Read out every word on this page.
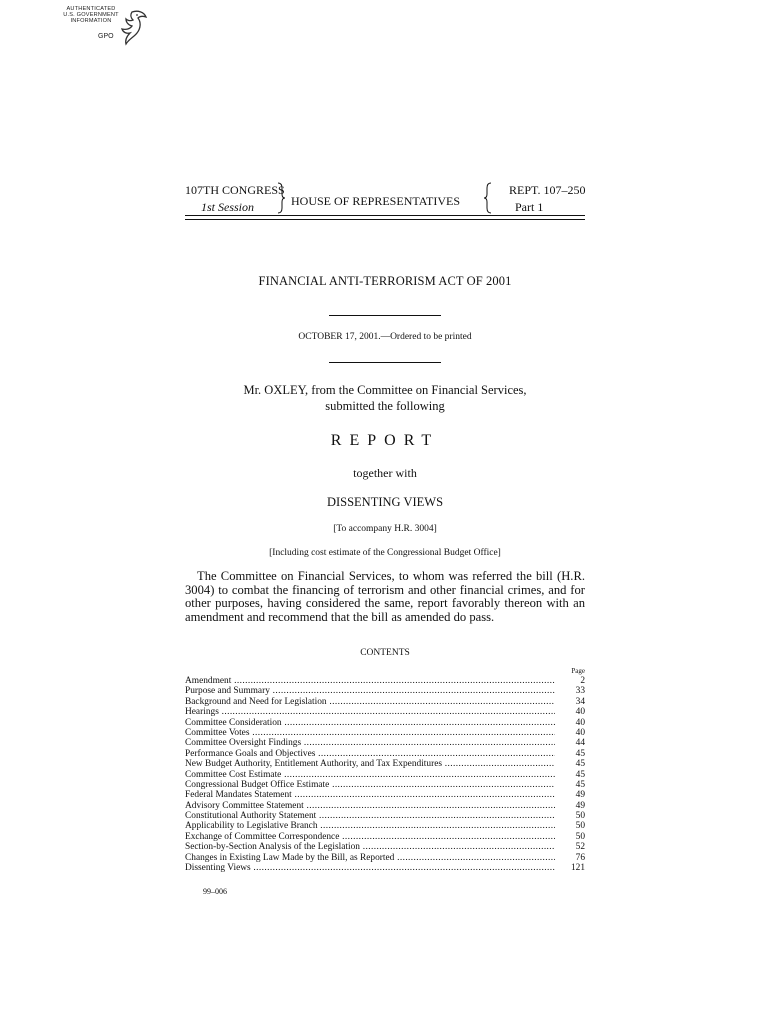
AUTHENTICATED
U.S. GOVERNMENT
INFORMATION
GPO
107TH CONGRESS
1st Session	HOUSE OF REPRESENTATIVES
REPT. 107–250
Part 1
FINANCIAL ANTI-TERRORISM ACT OF 2001
OCTOBER 17, 2001.—Ordered to be printed
Mr. OXLEY, from the Committee on Financial Services,
submitted the following
REPORT
together with
DISSENTING VIEWS
[To accompany H.R. 3004]
[Including cost estimate of the Congressional Budget Office]
The Committee on Financial Services, to whom was referred the bill (H.R. 3004) to combat the financing of terrorism and other financial crimes, and for other purposes, having considered the same, report favorably thereon with an amendment and recommend that the bill as amended do pass.
CONTENTS
Page
Amendment .....	2
Purpose and Summary .....	33
Background and Need for Legislation .....	34
Hearings .....	40
Committee Consideration .....	40
Committee Votes .....	40
Committee Oversight Findings .....	44
Performance Goals and Objectives .....	45
New Budget Authority, Entitlement Authority, and Tax Expenditures .....	45
Committee Cost Estimate .....	45
Congressional Budget Office Estimate .....	45
Federal Mandates Statement .....	49
Advisory Committee Statement .....	49
Constitutional Authority Statement .....	50
Applicability to Legislative Branch .....	50
Exchange of Committee Correspondence .....	50
Section-by-Section Analysis of the Legislation .....	52
Changes in Existing Law Made by the Bill, as Reported .....	76
Dissenting Views .....	121
99–006
